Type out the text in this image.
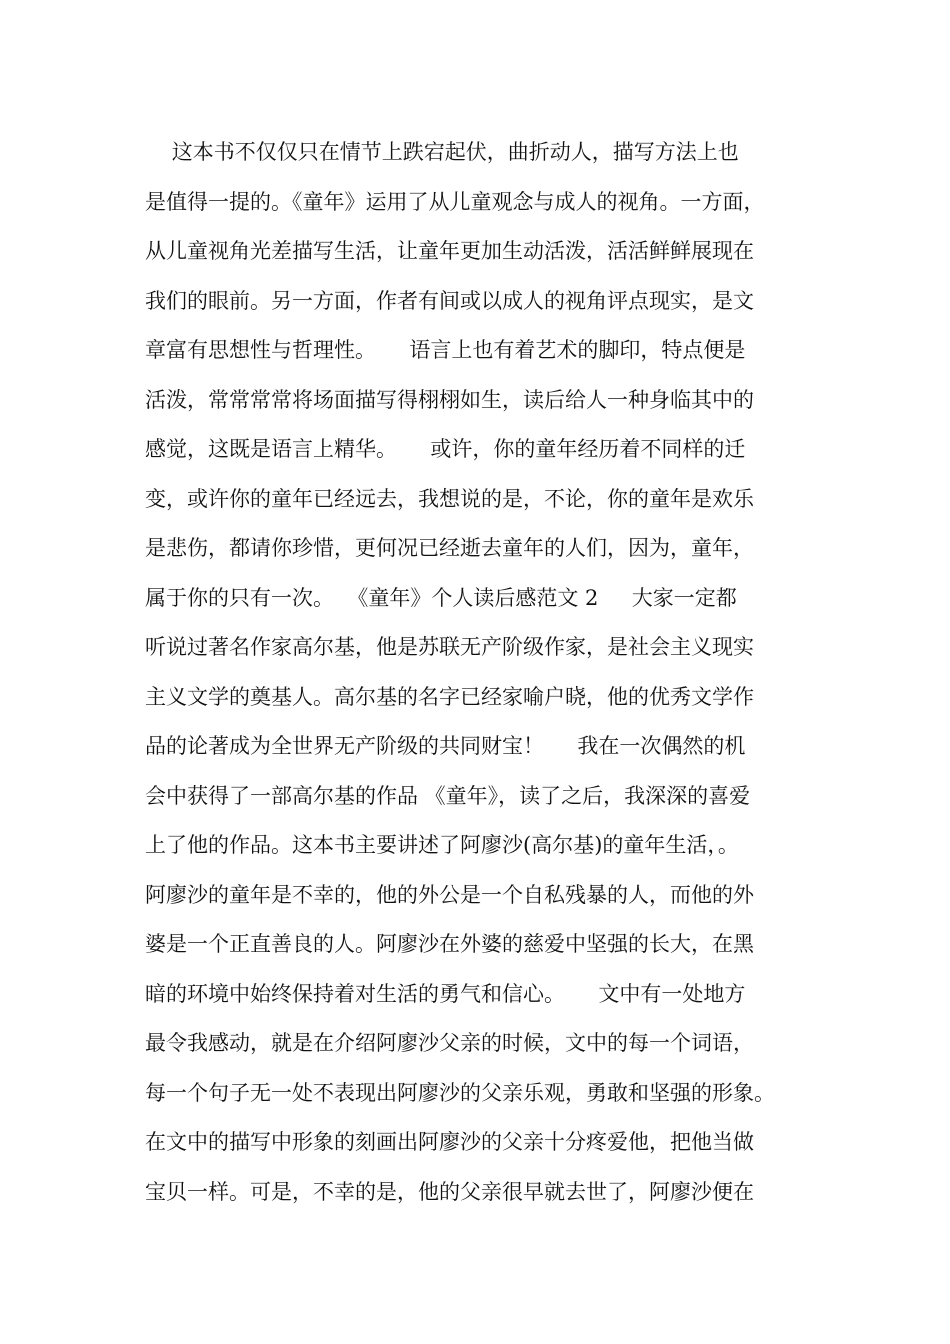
这本书不仅仅只在情节上跌宕起伏，曲折动人，描写方法上也
是值得一提的。《童年》运用了从儿童观念与成人的视角。一方面，
从儿童视角光差描写生活，让童年更加生动活泼，活活鲜鲜展现在
我们的眼前。另一方面，作者有间或以成人的视角评点现实，是文
章富有思想性与哲理性。     语言上也有着艺术的脚印，特点便是
活泼，常常常常将场面描写得栩栩如生，读后给人一种身临其中的
感觉，这既是语言上精华。     或许，你的童年经历着不同样的迁
变，或许你的童年已经远去，我想说的是，不论，你的童年是欢乐
是悲伤，都请你珍惜，更何况已经逝去童年的人们，因为，童年，
属于你的只有一次。  《童年》个人读后感范文 2     大家一定都
听说过著名作家高尔基，他是苏联无产阶级作家，是社会主义现实
主义文学的奠基人。高尔基的名字已经家喻户晓，他的优秀文学作
品的论著成为全世界无产阶级的共同财宝！     我在一次偶然的机
会中获得了一部高尔基的作品 《童年》，读了之后，我深深的喜爱
上了他的作品。这本书主要讲述了阿廖沙(高尔基)的童年生活，。
阿廖沙的童年是不幸的，他的外公是一个自私残暴的人，而他的外
婆是一个正直善良的人。阿廖沙在外婆的慈爱中坚强的长大，在黑
暗的环境中始终保持着对生活的勇气和信心。     文中有一处地方
最令我感动，就是在介绍阿廖沙父亲的时候，文中的每一个词语，
每一个句子无一处不表现出阿廖沙的父亲乐观，勇敢和坚强的形象。
在文中的描写中形象的刻画出阿廖沙的父亲十分疼爱他，把他当做
宝贝一样。可是，不幸的是，他的父亲很早就去世了，阿廖沙便在
